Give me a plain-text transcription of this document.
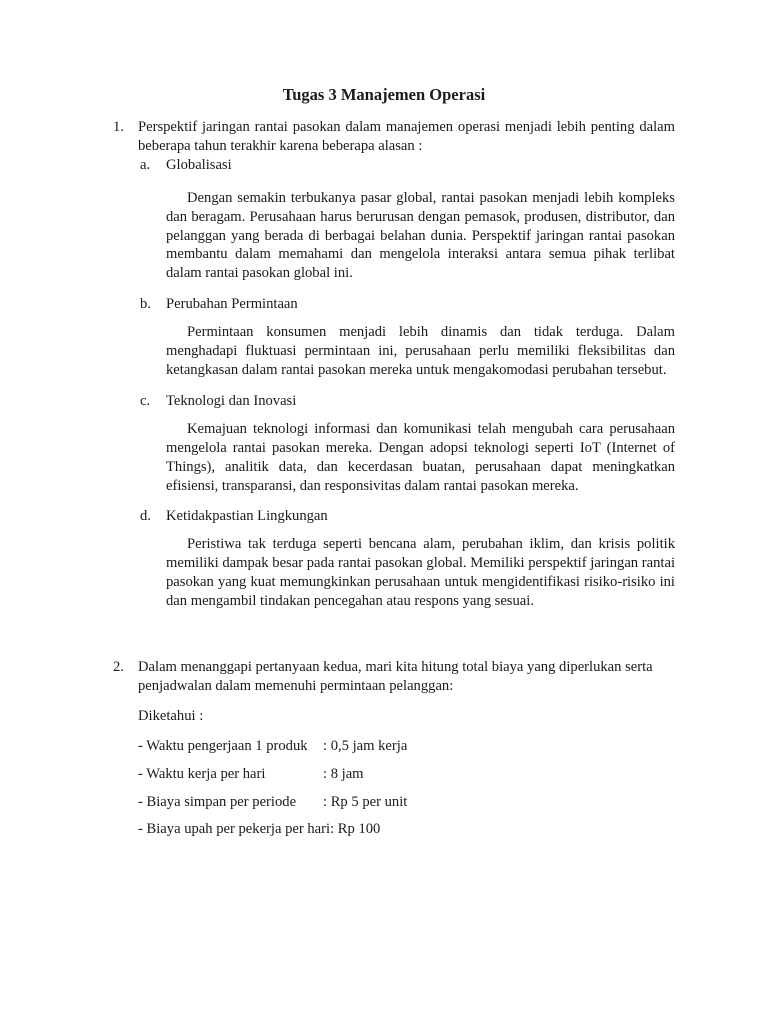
Tugas 3 Manajemen Operasi
1. Perspektif jaringan rantai pasokan dalam manajemen operasi menjadi lebih penting dalam beberapa tahun terakhir karena beberapa alasan :
a. Globalisasi
Dengan semakin terbukanya pasar global, rantai pasokan menjadi lebih kompleks dan beragam. Perusahaan harus berurusan dengan pemasok, produsen, distributor, dan pelanggan yang berada di berbagai belahan dunia. Perspektif jaringan rantai pasokan membantu dalam memahami dan mengelola interaksi antara semua pihak terlibat dalam rantai pasokan global ini.
b. Perubahan Permintaan
Permintaan konsumen menjadi lebih dinamis dan tidak terduga. Dalam menghadapi fluktuasi permintaan ini, perusahaan perlu memiliki fleksibilitas dan ketangkasan dalam rantai pasokan mereka untuk mengakomodasi perubahan tersebut.
c. Teknologi dan Inovasi
Kemajuan teknologi informasi dan komunikasi telah mengubah cara perusahaan mengelola rantai pasokan mereka. Dengan adopsi teknologi seperti IoT (Internet of Things), analitik data, dan kecerdasan buatan, perusahaan dapat meningkatkan efisiensi, transparansi, dan responsivitas dalam rantai pasokan mereka.
d. Ketidakpastian Lingkungan
Peristiwa tak terduga seperti bencana alam, perubahan iklim, dan krisis politik memiliki dampak besar pada rantai pasokan global. Memiliki perspektif jaringan rantai pasokan yang kuat memungkinkan perusahaan untuk mengidentifikasi risiko-risiko ini dan mengambil tindakan pencegahan atau respons yang sesuai.
2. Dalam menanggapi pertanyaan kedua, mari kita hitung total biaya yang diperlukan serta penjadwalan dalam memenuhi permintaan pelanggan:
Diketahui :
- Waktu pengerjaan 1 produk : 0,5 jam kerja
- Waktu kerja per hari	: 8 jam
- Biaya simpan per periode : Rp 5 per unit
- Biaya upah per pekerja per hari: Rp 100
